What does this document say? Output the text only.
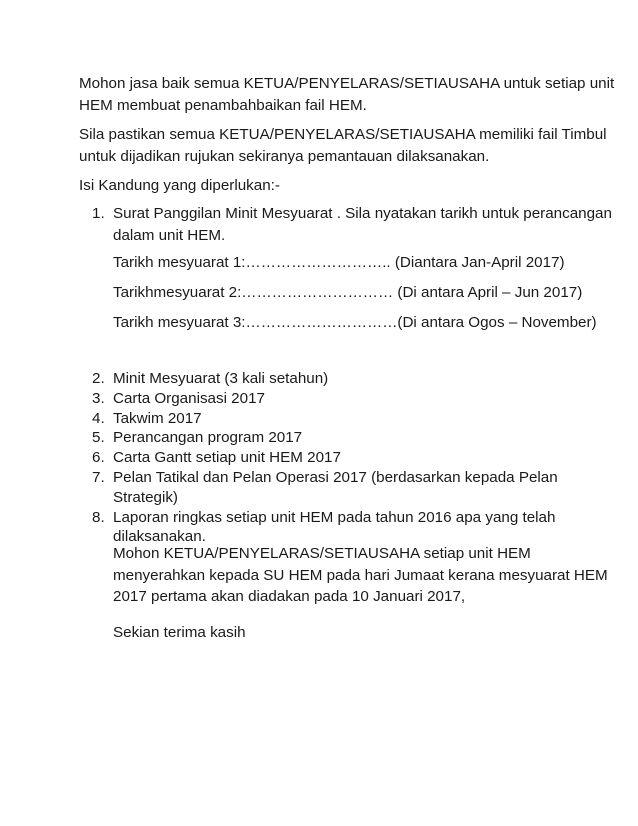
Mohon jasa baik semua KETUA/PENYELARAS/SETIAUSAHA untuk setiap unit HEM membuat penambahbaikan fail HEM.

Sila pastikan semua KETUA/PENYELARAS/SETIAUSAHA memiliki fail Timbul untuk dijadikan rujukan sekiranya pemantauan dilaksanakan.

Isi Kandung yang diperlukan:-

1. Surat Panggilan Minit Mesyuarat . Sila nyatakan tarikh untuk perancangan dalam unit HEM.

Tarikh mesyuarat 1:……………………….. (Diantara Jan-April 2017)

Tarikhmesyuarat 2:………………………… (Di antara April – Jun 2017)

Tarikh mesyuarat 3:…………………………(Di antara Ogos – November)

2. Minit Mesyuarat (3 kali setahun)
3. Carta Organisasi 2017
4. Takwim 2017
5. Perancangan program 2017
6. Carta Gantt setiap unit HEM 2017
7. Pelan Tatikal dan Pelan Operasi 2017 (berdasarkan kepada Pelan Strategik)
8. Laporan ringkas setiap unit HEM pada tahun 2016 apa yang telah dilaksanakan.

Mohon KETUA/PENYELARAS/SETIAUSAHA setiap unit HEM menyerahkan kepada SU HEM pada hari Jumaat kerana mesyuarat HEM 2017 pertama akan diadakan pada 10 Januari 2017,

Sekian terima kasih
